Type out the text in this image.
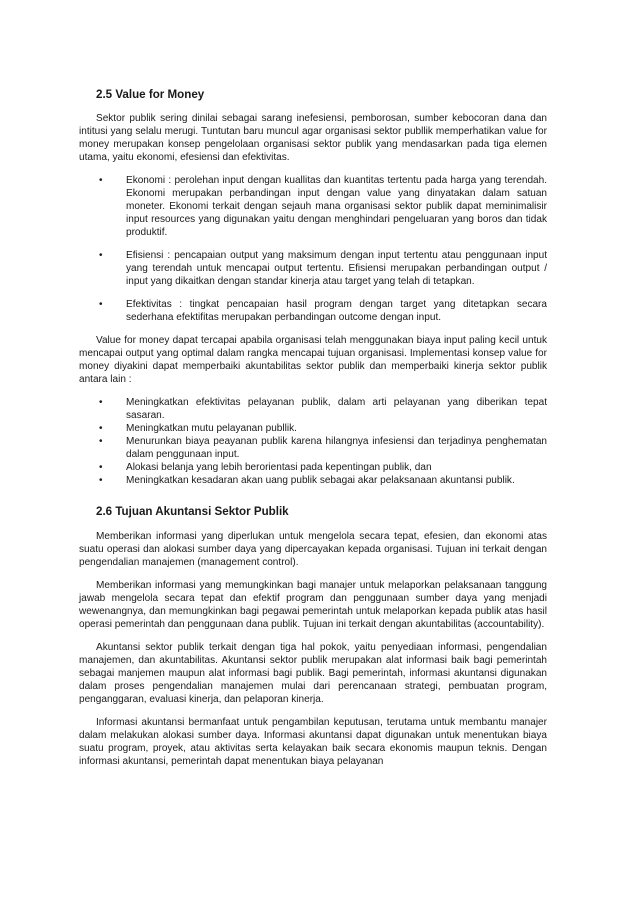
2.5 Value for Money

Sektor publik sering dinilai sebagai sarang inefesiensi, pemborosan, sumber kebocoran dana dan intitusi yang selalu merugi. Tuntutan baru muncul agar organisasi sektor publlik memperhatikan value for money merupakan konsep pengelolaan organisasi sektor publik yang mendasarkan pada tiga elemen utama, yaitu ekonomi, efesiensi dan efektivitas.

• Ekonomi : perolehan input dengan kuallitas dan kuantitas tertentu pada harga yang terendah. Ekonomi merupakan perbandingan input dengan value yang dinyatakan dalam satuan moneter. Ekonomi terkait dengan sejauh mana organisasi sektor publik dapat meminimalisir input resources yang digunakan yaitu dengan menghindari pengeluaran yang boros dan tidak produktif.
• Efisiensi : pencapaian output yang maksimum dengan input tertentu atau penggunaan input yang terendah untuk mencapai output tertentu. Efisiensi merupakan perbandingan output / input yang dikaitkan dengan standar kinerja atau target yang telah di tetapkan.
• Efektivitas : tingkat pencapaian hasil program dengan target yang ditetapkan secara sederhana efektifitas merupakan perbandingan outcome dengan input.

Value for money dapat tercapai apabila organisasi telah menggunakan biaya input paling kecil untuk mencapai output yang optimal dalam rangka mencapai tujuan organisasi. Implementasi konsep value for money diyakini dapat memperbaiki akuntabilitas sektor publik dan memperbaiki kinerja sektor publik antara lain :

• Meningkatkan efektivitas pelayanan publik, dalam arti pelayanan yang diberikan tepat sasaran.
• Meningkatkan mutu pelayanan publlik.
• Menurunkan biaya peayanan publik karena hilangnya infesiensi dan terjadinya penghematan dalam penggunaan input.
• Alokasi belanja yang lebih berorientasi pada kepentingan publik, dan
• Meningkatkan kesadaran akan uang publik sebagai akar pelaksanaan akuntansi publik.
2.6 Tujuan Akuntansi Sektor Publik

Memberikan informasi yang diperlukan untuk mengelola secara tepat, efesien, dan ekonomi atas suatu operasi dan alokasi sumber daya yang dipercayakan kepada organisasi. Tujuan ini terkait dengan pengendalian manajemen (management control).

Memberikan informasi yang memungkinkan bagi manajer untuk melaporkan pelaksanaan tanggung jawab mengelola secara tepat dan efektif program dan penggunaan sumber daya yang menjadi wewenangnya, dan memungkinkan bagi pegawai pemerintah untuk melaporkan kepada publik atas hasil operasi pemerintah dan penggunaan dana publik. Tujuan ini terkait dengan akuntabilitas (accountability).

Akuntansi sektor publik terkait dengan tiga hal pokok, yaitu penyediaan informasi, pengendalian manajemen, dan akuntabilitas. Akuntansi sektor publik merupakan alat informasi baik bagi pemerintah sebagai manjemen maupun alat informasi bagi publik. Bagi pemerintah, informasi akuntansi digunakan dalam proses pengendalian manajemen mulai dari perencanaan strategi, pembuatan program, penganggaran, evaluasi kinerja, dan pelaporan kinerja.

Informasi akuntansi bermanfaat untuk pengambilan keputusan, terutama untuk membantu manajer dalam melakukan alokasi sumber daya. Informasi akuntansi dapat digunakan untuk menentukan biaya suatu program, proyek, atau aktivitas serta kelayakan baik secara ekonomis maupun teknis. Dengan informasi akuntansi, pemerintah dapat menentukan biaya pelayanan
